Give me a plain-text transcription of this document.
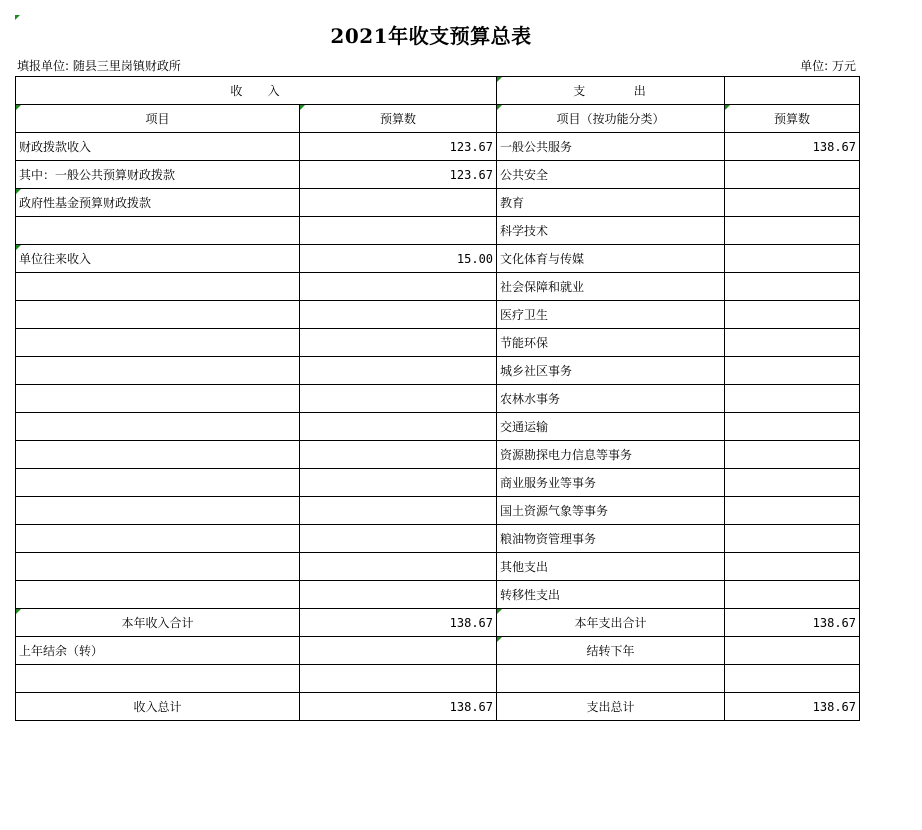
2021年收支预算总表
填报单位: 随县三里岗镇财政所	单位: 万元
收    入		支        出	
项目	预算数	项目（按功能分类）	预算数
财政拨款收入	123.67	一般公共服务	138.67
其中：一般公共预算财政拨款	123.67	公共安全	
政府性基金预算财政拨款		教育	
		科学技术	
单位往来收入	15.00	文化体育与传媒	
		社会保障和就业	
		医疗卫生	
		节能环保	
		城乡社区事务	
		农林水事务	
		交通运输	
		资源勘探电力信息等事务	
		商业服务业等事务	
		国土资源气象等事务	
		粮油物资管理事务	
		其他支出	
		转移性支出	
本年收入合计	138.67	本年支出合计	138.67
上年结余（转）		结转下年	

收入总计	138.67	支出总计	138.67
